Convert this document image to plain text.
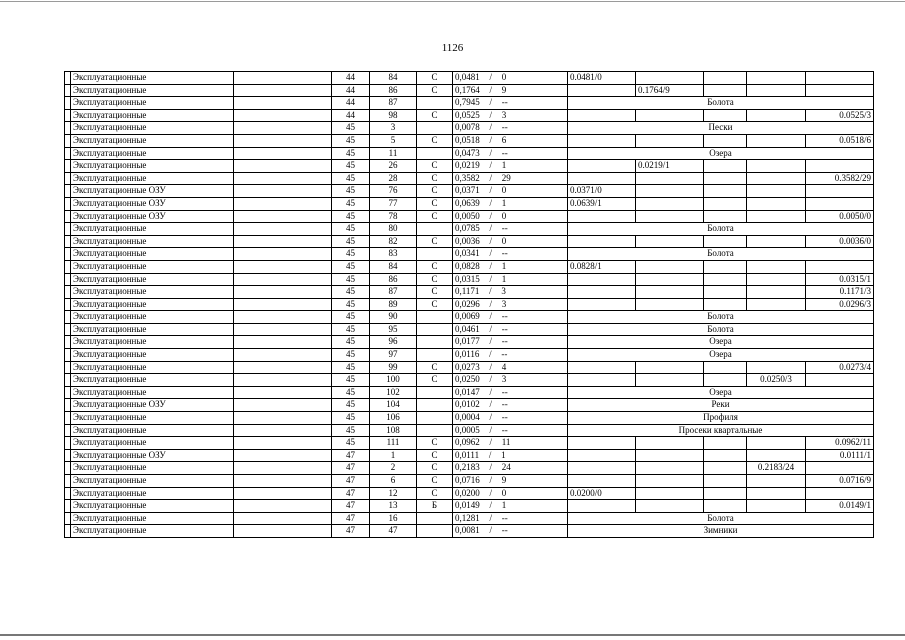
1126
	Эксплуатационные		44	84	С	0,0481 / 0	0.0481/0				
	Эксплуатационные		44	86	С	0,1764 / 9		0.1764/9			
	Эксплуатационные		44	87		0,7945 / --	Болота				
	Эксплуатационные		44	98	С	0,0525 / 3					0.0525/3
	Эксплуатационные		45	3		0,0078 / --	Пески				
	Эксплуатационные		45	5	С	0,0518 / 6					0.0518/6
	Эксплуатационные		45	11		0,0473 / --	Озера				
	Эксплуатационные		45	26	С	0,0219 / 1		0.0219/1			
	Эксплуатационные		45	28	С	0,3582 / 29					0.3582/29
	Эксплуатационные ОЗУ		45	76	С	0,0371 / 0	0.0371/0				
	Эксплуатационные ОЗУ		45	77	С	0,0639 / 1	0.0639/1				
	Эксплуатационные ОЗУ		45	78	С	0,0050 / 0					0.0050/0
	Эксплуатационные		45	80		0,0785 / --	Болота				
	Эксплуатационные		45	82	С	0,0036 / 0					0.0036/0
	Эксплуатационные		45	83		0,0341 / --	Болота				
	Эксплуатационные		45	84	С	0,0828 / 1	0.0828/1				
	Эксплуатационные		45	86	С	0,0315 / 1					0.0315/1
	Эксплуатационные		45	87	С	0,1171 / 3					0.1171/3
	Эксплуатационные		45	89	С	0,0296 / 3					0.0296/3
	Эксплуатационные		45	90		0,0069 / --	Болота				
	Эксплуатационные		45	95		0,0461 / --	Болота				
	Эксплуатационные		45	96		0,0177 / --	Озера				
	Эксплуатационные		45	97		0,0116 / --	Озера				
	Эксплуатационные		45	99	С	0,0273 / 4					0.0273/4
	Эксплуатационные		45	100	С	0,0250 / 3				0.0250/3	
	Эксплуатационные		45	102		0,0147 / --	Озера				
	Эксплуатационные ОЗУ		45	104		0,0102 / --	Реки				
	Эксплуатационные		45	106		0,0004 / --	Профиля				
	Эксплуатационные		45	108		0,0005 / --	Просеки квартальные				
	Эксплуатационные		45	111	С	0,0962 / 11					0.0962/11
	Эксплуатационные ОЗУ		47	1	С	0,0111 / 1					0.0111/1
	Эксплуатационные		47	2	С	0,2183 / 24				0.2183/24	
	Эксплуатационные		47	6	С	0,0716 / 9					0.0716/9
	Эксплуатационные		47	12	С	0,0200 / 0	0.0200/0				
	Эксплуатационные		47	13	Б	0,0149 / 1					0.0149/1
	Эксплуатационные		47	16		0,1281 / --	Болота				
	Эксплуатационные		47	47		0,0081 / --	Зимники				
